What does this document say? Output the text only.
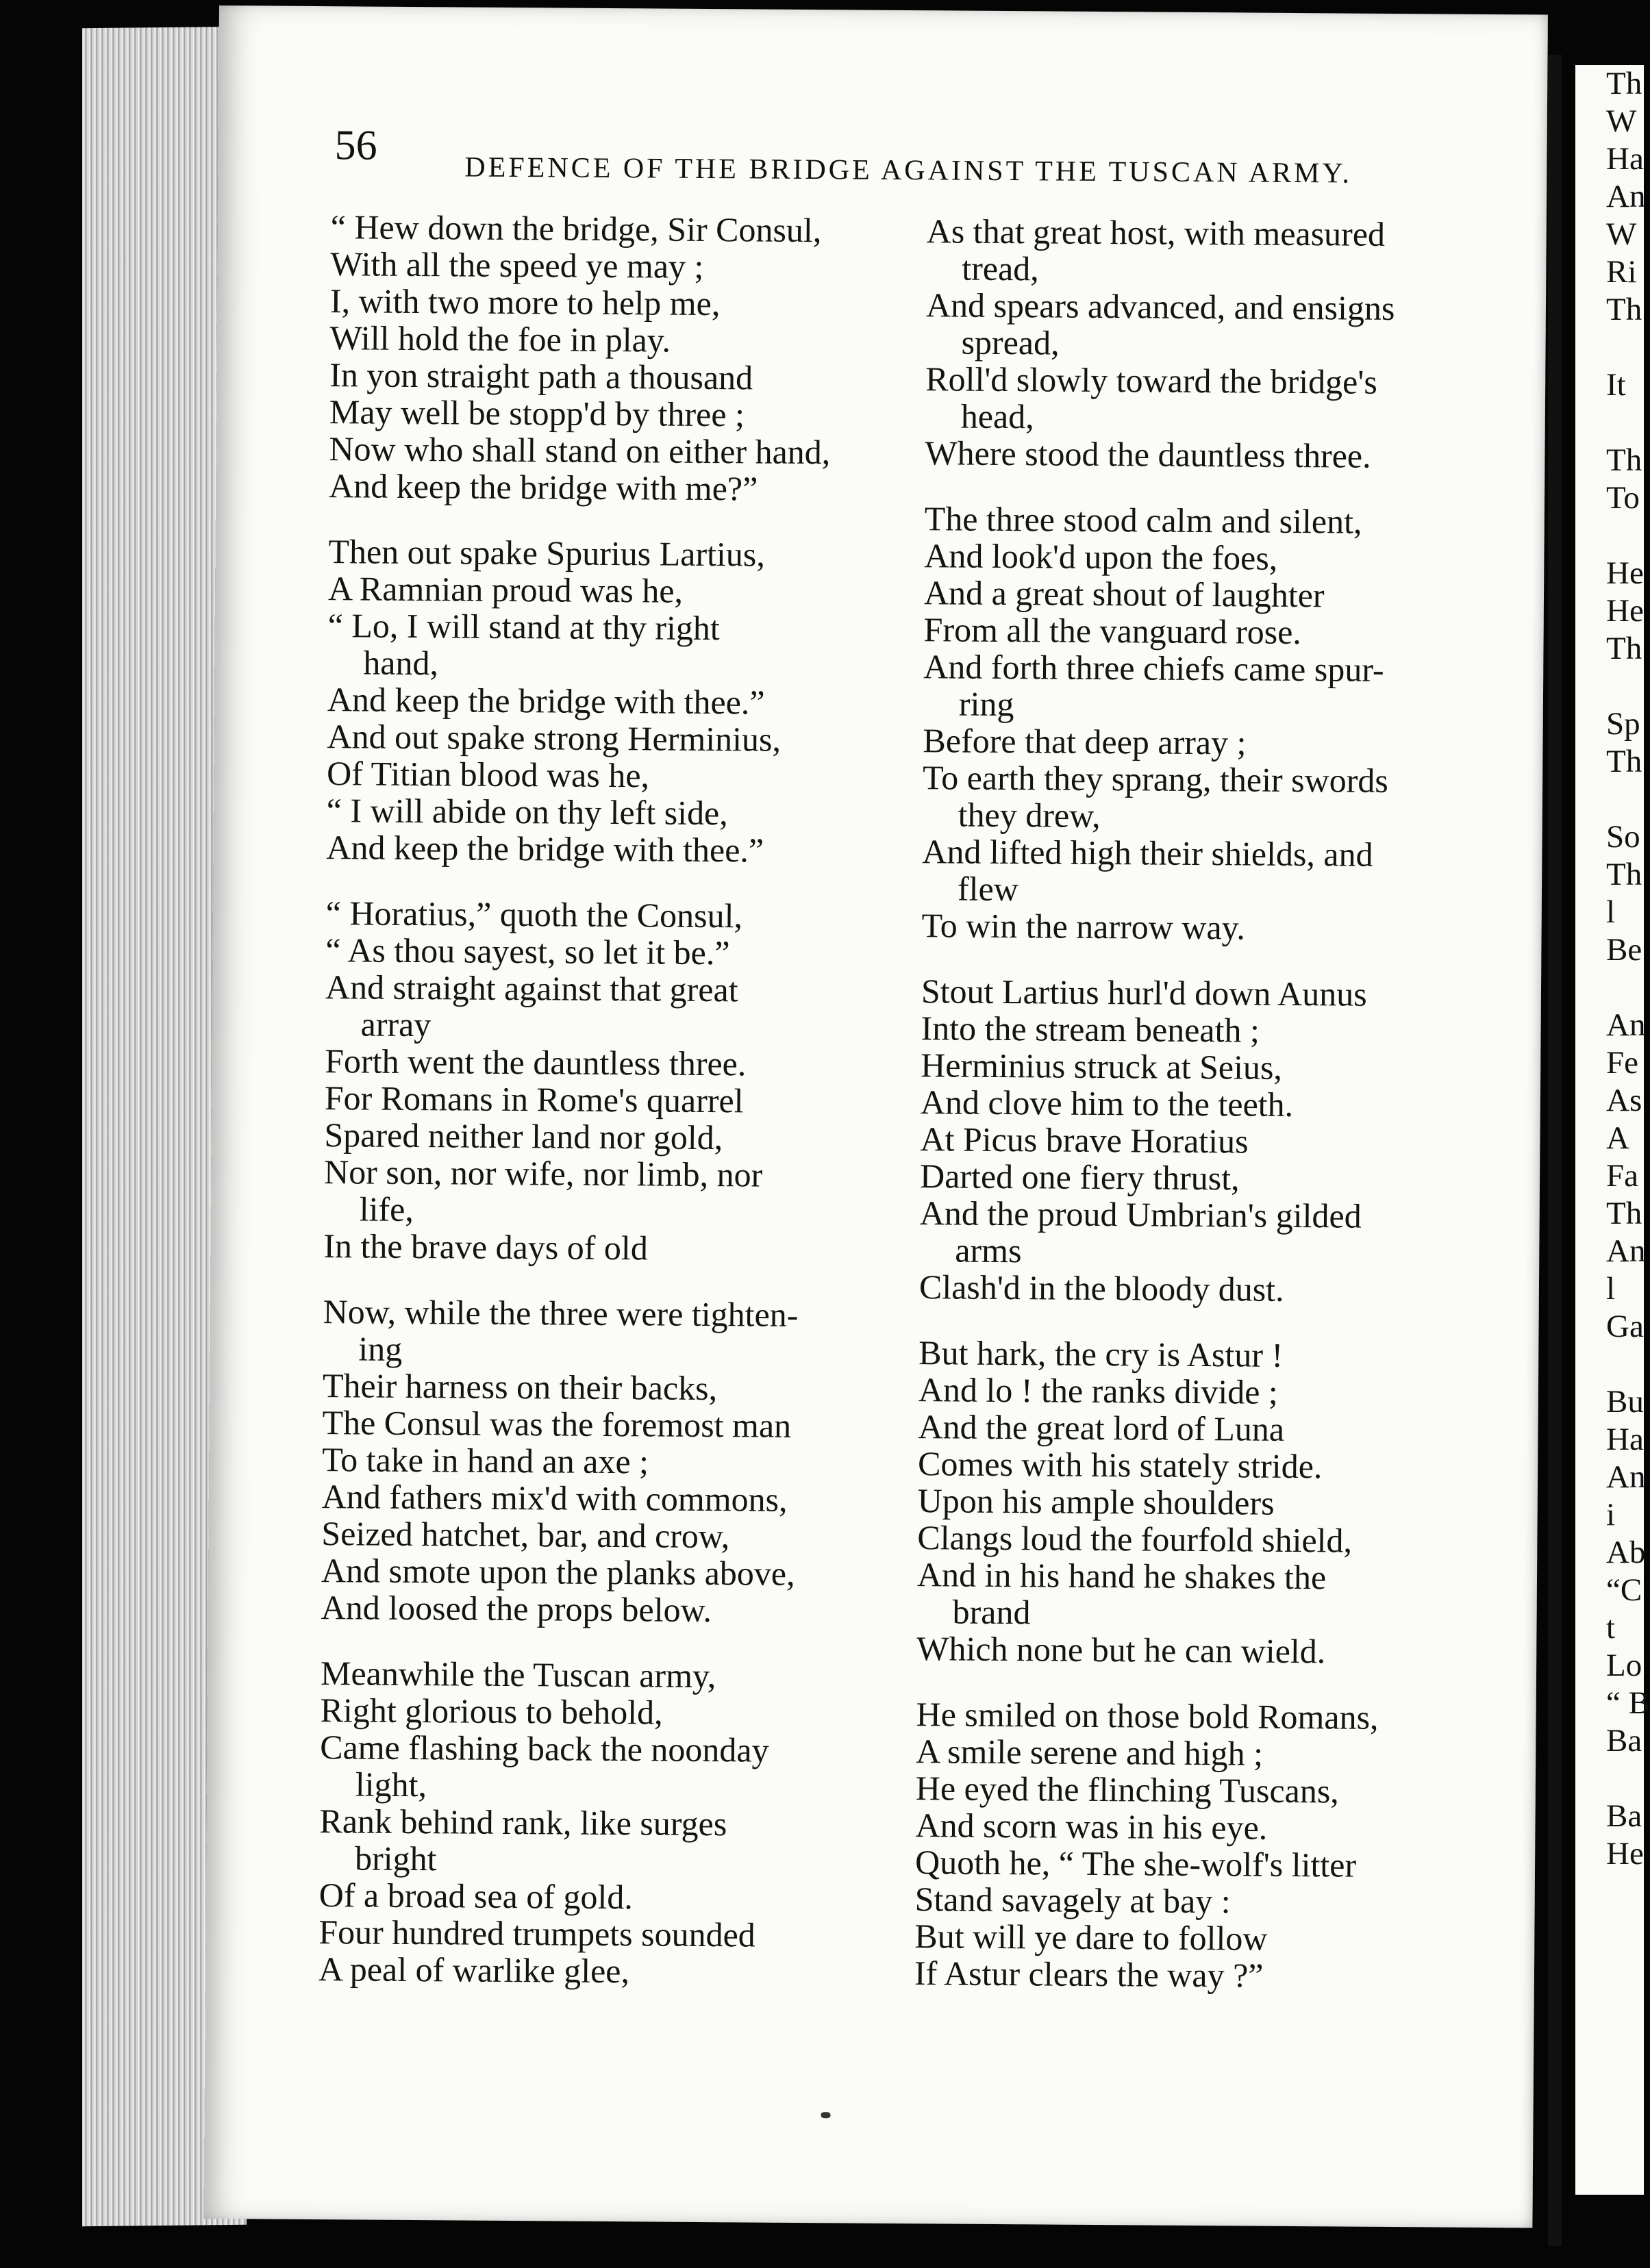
Th
W
Ha
An
W
Ri
Th

It

Th
To

He
He
Th

Sp
Th

So
Th
l
Be

An
Fe
As
A
Fa
Th
An
l
Ga

Bu
Ha
An
i
Ab
“C
t
Lo
“ B
Ba

Ba
He
56
DEFENCE OF THE BRIDGE AGAINST THE TUSCAN ARMY.
“ Hew down the bridge, Sir Consul,
With all the speed ye may ;
I, with two more to help me,
Will hold the foe in play.
In yon straight path a thousand
May well be stopp'd by three ;
Now who shall stand on either hand,
And keep the bridge with me?”
Then out spake Spurius Lartius,
A Ramnian proud was he,
“ Lo, I will stand at thy right
hand,
And keep the bridge with thee.”
And out spake strong Herminius,
Of Titian blood was he,
“ I will abide on thy left side,
And keep the bridge with thee.”
“ Horatius,” quoth the Consul,
“ As thou sayest, so let it be.”
And straight against that great
array
Forth went the dauntless three.
For Romans in Rome's quarrel
Spared neither land nor gold,
Nor son, nor wife, nor limb, nor
life,
In the brave days of old
Now, while the three were tighten-
ing
Their harness on their backs,
The Consul was the foremost man
To take in hand an axe ;
And fathers mix'd with commons,
Seized hatchet, bar, and crow,
And smote upon the planks above,
And loosed the props below.
Meanwhile the Tuscan army,
Right glorious to behold,
Came flashing back the noonday
light,
Rank behind rank, like surges
bright
Of a broad sea of gold.
Four hundred trumpets sounded
A peal of warlike glee,
As that great host, with measured
tread,
And spears advanced, and ensigns
spread,
Roll'd slowly toward the bridge's
head,
Where stood the dauntless three.
The three stood calm and silent,
And look'd upon the foes,
And a great shout of laughter
From all the vanguard rose.
And forth three chiefs came spur-
ring
Before that deep array ;
To earth they sprang, their swords
they drew,
And lifted high their shields, and
flew
To win the narrow way.
Stout Lartius hurl'd down Aunus
Into the stream beneath ;
Herminius struck at Seius,
And clove him to the teeth.
At Picus brave Horatius
Darted one fiery thrust,
And the proud Umbrian's gilded
arms
Clash'd in the bloody dust.
But hark, the cry is Astur !
And lo ! the ranks divide ;
And the great lord of Luna
Comes with his stately stride.
Upon his ample shoulders
Clangs loud the fourfold shield,
And in his hand he shakes the
brand
Which none but he can wield.
He smiled on those bold Romans,
A smile serene and high ;
He eyed the flinching Tuscans,
And scorn was in his eye.
Quoth he, “ The she-wolf's litter
Stand savagely at bay :
But will ye dare to follow
If Astur clears the way ?”
